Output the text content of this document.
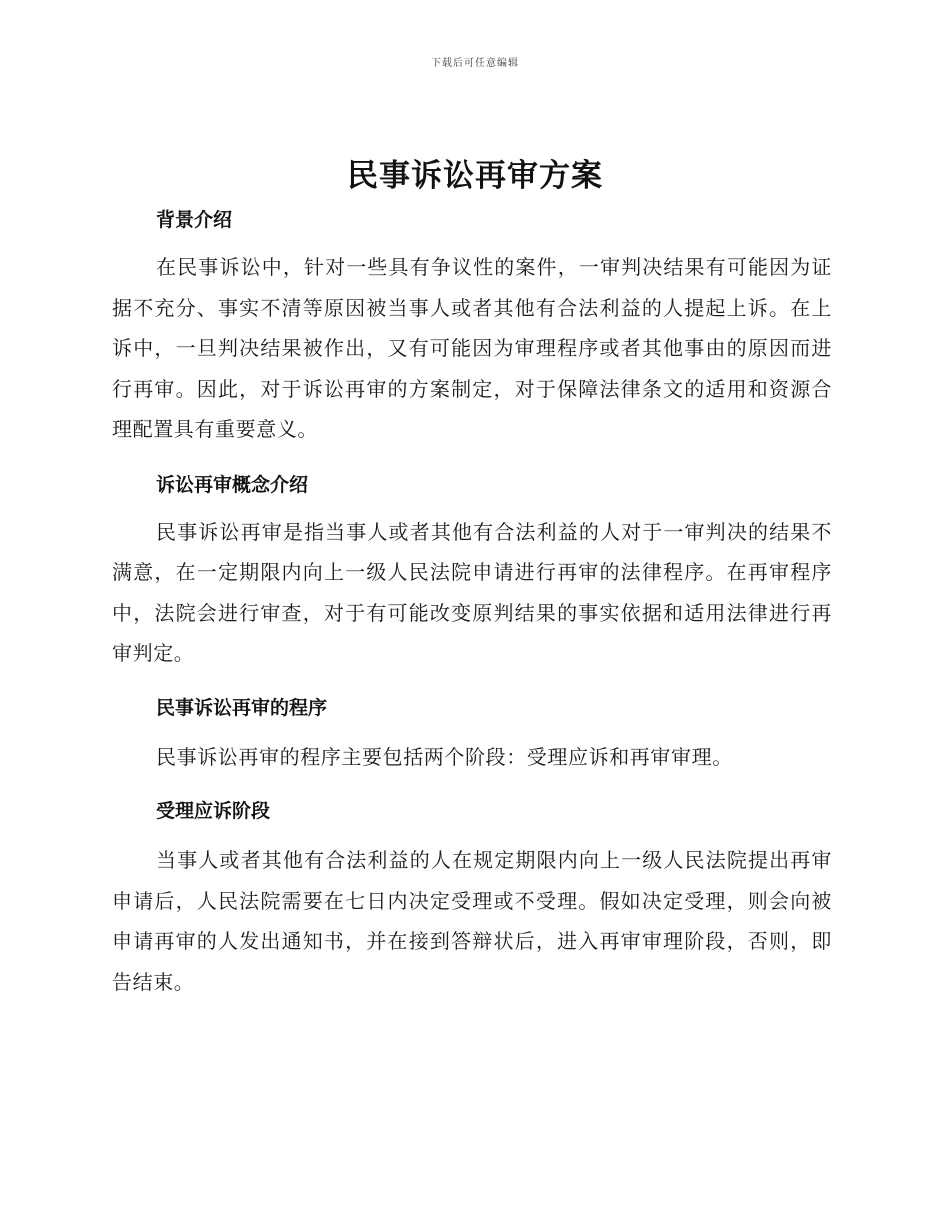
下载后可任意编辑
民事诉讼再审方案
背景介绍

在民事诉讼中，针对一些具有争议性的案件，一审判决结果有可能因为证据不充分、事实不清等原因被当事人或者其他有合法利益的人提起上诉。在上诉中，一旦判决结果被作出，又有可能因为审理程序或者其他事由的原因而进行再审。因此，对于诉讼再审的方案制定，对于保障法律条文的适用和资源合理配置具有重要意义。

诉讼再审概念介绍

民事诉讼再审是指当事人或者其他有合法利益的人对于一审判决的结果不满意，在一定期限内向上一级人民法院申请进行再审的法律程序。在再审程序中，法院会进行审查，对于有可能改变原判结果的事实依据和适用法律进行再审判定。

民事诉讼再审的程序

民事诉讼再审的程序主要包括两个阶段：受理应诉和再审审理。

受理应诉阶段

当事人或者其他有合法利益的人在规定期限内向上一级人民法院提出再审申请后，人民法院需要在七日内决定受理或不受理。假如决定受理，则会向被申请再审的人发出通知书，并在接到答辩状后，进入再审审理阶段，否则，即告结束。
